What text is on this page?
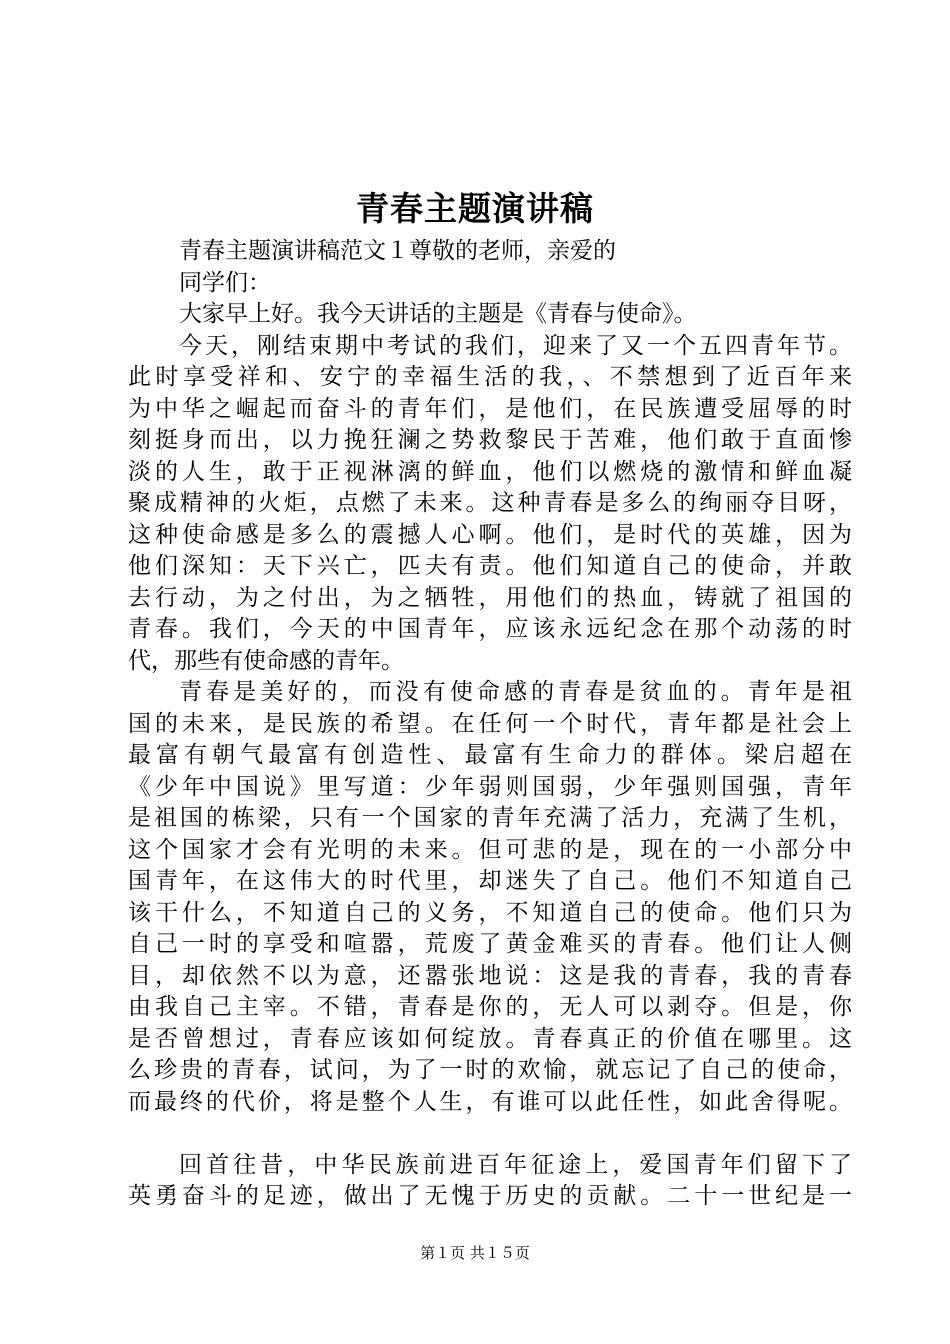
青春主题演讲稿
青春主题演讲稿范文１尊敬的老师，亲爱的
同学们：
大家早上好。我今天讲话的主题是《青春与使命》。
今天，刚结束期中考试的我们，迎来了又一个五四青年节。
此时享受祥和、安宁的幸福生活的我，、不禁想到了近百年来
为中华之崛起而奋斗的青年们，是他们，在民族遭受屈辱的时
刻挺身而出，以力挽狂澜之势救黎民于苦难，他们敢于直面惨
淡的人生，敢于正视淋漓的鲜血，他们以燃烧的激情和鲜血凝
聚成精神的火炬，点燃了未来。这种青春是多么的绚丽夺目呀，
这种使命感是多么的震撼人心啊。他们，是时代的英雄，因为
他们深知：天下兴亡，匹夫有责。他们知道自己的使命，并敢
去行动，为之付出，为之牺牲，用他们的热血，铸就了祖国的
青春。我们，今天的中国青年，应该永远纪念在那个动荡的时
代，那些有使命感的青年。
青春是美好的，而没有使命感的青春是贫血的。青年是祖
国的未来，是民族的希望。在任何一个时代，青年都是社会上
最富有朝气最富有创造性、最富有生命力的群体。梁启超在
《少年中国说》里写道：少年弱则国弱，少年强则国强，青年
是祖国的栋梁，只有一个国家的青年充满了活力，充满了生机，
这个国家才会有光明的未来。但可悲的是，现在的一小部分中
国青年，在这伟大的时代里，却迷失了自己。他们不知道自己
该干什么，不知道自己的义务，不知道自己的使命。他们只为
自己一时的享受和喧嚣，荒废了黄金难买的青春。他们让人侧
目，却依然不以为意，还嚣张地说：这是我的青春，我的青春
由我自己主宰。不错，青春是你的，无人可以剥夺。但是，你
是否曾想过，青春应该如何绽放。青春真正的价值在哪里。这
么珍贵的青春，试问，为了一时的欢愉，就忘记了自己的使命，
而最终的代价，将是整个人生，有谁可以此任性，如此舍得呢。
回首往昔，中华民族前进百年征途上，爱国青年们留下了
英勇奋斗的足迹，做出了无愧于历史的贡献。二十一世纪是一
第１页 共１５页
